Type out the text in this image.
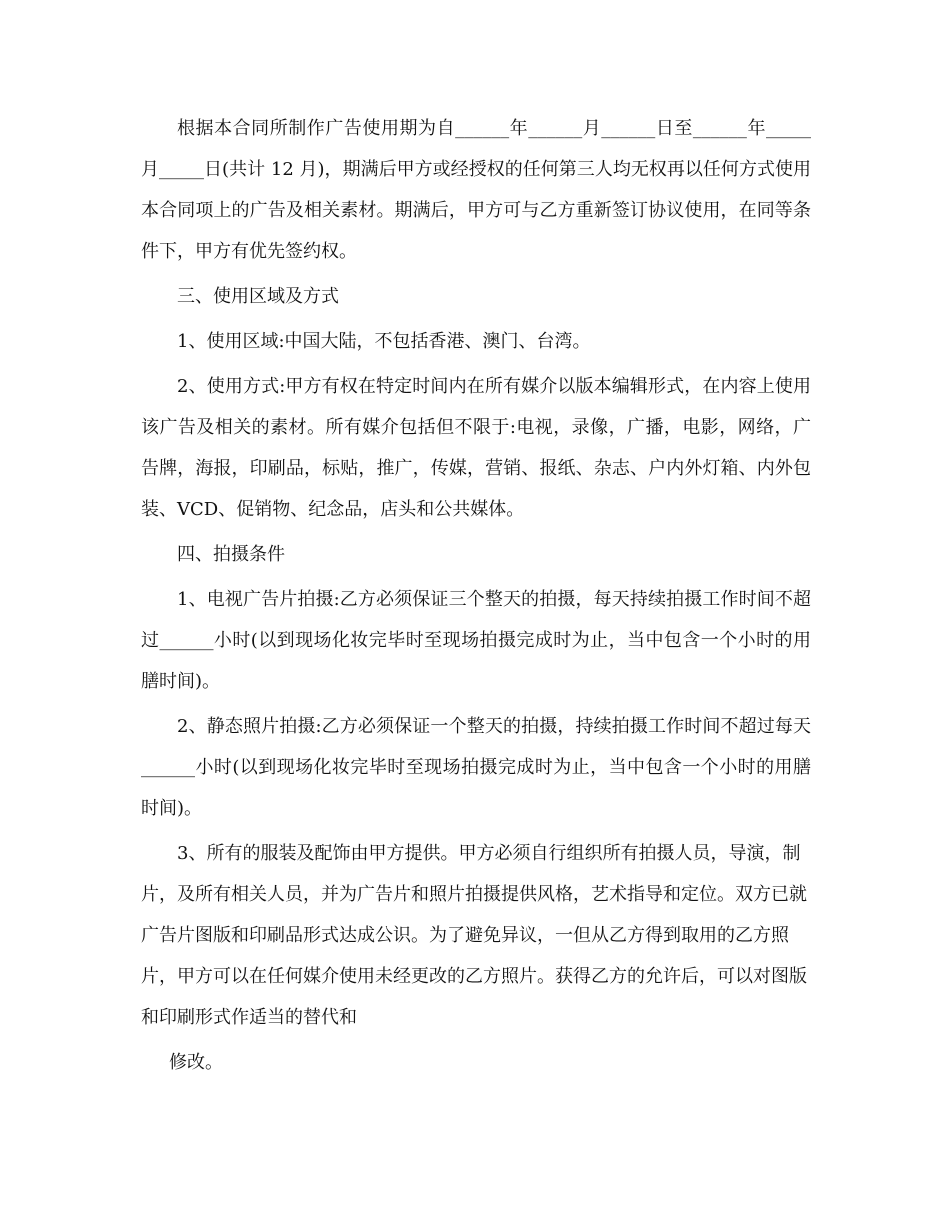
根据本合同所制作广告使用期为自______年______月______日至______年_____月_____日(共计 12 月)，期满后甲方或经授权的任何第三人均无权再以任何方式使用本合同项上的广告及相关素材。期满后，甲方可与乙方重新签订协议使用，在同等条件下，甲方有优先签约权。

三、使用区域及方式

1、使用区域:中国大陆，不包括香港、澳门、台湾。

2、使用方式:甲方有权在特定时间内在所有媒介以版本编辑形式，在内容上使用该广告及相关的素材。所有媒介包括但不限于:电视，录像，广播，电影，网络，广告牌，海报，印刷品，标贴，推广，传媒，营销、报纸、杂志、户内外灯箱、内外包装、VCD、促销物、纪念品，店头和公共媒体。

四、拍摄条件

1、电视广告片拍摄:乙方必须保证三个整天的拍摄，每天持续拍摄工作时间不超过______小时(以到现场化妆完毕时至现场拍摄完成时为止，当中包含一个小时的用膳时间)。

2、静态照片拍摄:乙方必须保证一个整天的拍摄，持续拍摄工作时间不超过每天______小时(以到现场化妆完毕时至现场拍摄完成时为止，当中包含一个小时的用膳时间)。

3、所有的服装及配饰由甲方提供。甲方必须自行组织所有拍摄人员，导演，制片，及所有相关人员，并为广告片和照片拍摄提供风格，艺术指导和定位。双方已就广告片图版和印刷品形式达成公识。为了避免异议，一但从乙方得到取用的乙方照片，甲方可以在任何媒介使用未经更改的乙方照片。获得乙方的允许后，可以对图版和印刷形式作适当的替代和

修改。
